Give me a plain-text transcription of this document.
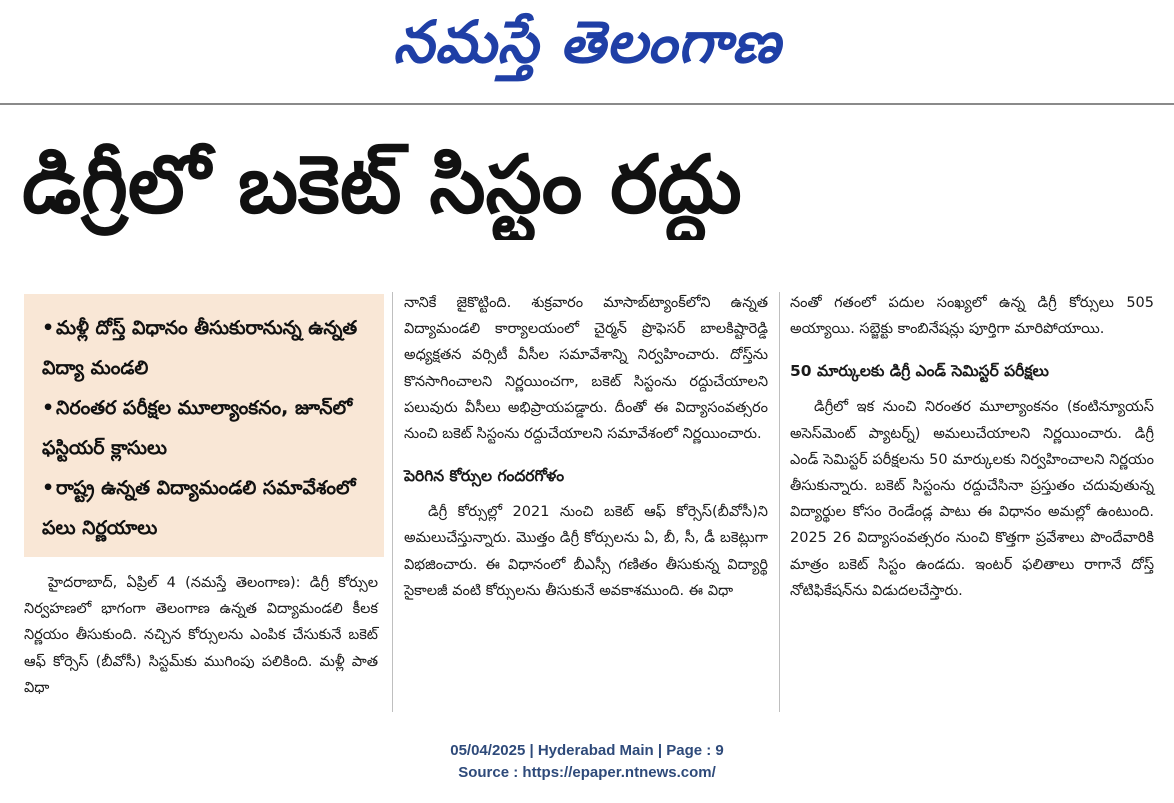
నమస్తే తెలంగాణ
డిగ్రీలో బకెట్ సిస్టం రద్దు
•మళ్లీ దోస్త్ విధానం తీసుకురానున్న ఉన్నత విద్యా మండలి
•నిరంతర పరీక్షల మూల్యాంకనం, జూన్‌లో ఫస్టియర్ క్లాసులు
•రాష్ట్ర ఉన్నత విద్యామండలి సమావేశంలో పలు నిర్ణయాలు

హైదరాబాద్, ఏప్రిల్ 4 (నమస్తే తెలంగాణ): డిగ్రీ కోర్సుల నిర్వహణలో భాగంగా తెలంగాణ ఉన్నత విద్యామండలి కీలక నిర్ణయం తీసుకుంది. నచ్చిన కోర్సులను ఎంపిక చేసుకునే బకెట్ ఆఫ్ కోర్సెస్ (బీవోసీ) సిస్టమ్‌కు ముగింపు పలికింది. మళ్లీ పాత విధా

నానికే జైకొట్టింది. శుక్రవారం మాసాబ్‌ట్యాంక్‌లోని ఉన్నత విద్యామండలి కార్యాలయంలో చైర్మన్ ప్రొఫెసర్ బాలకిష్టారెడ్డి అధ్యక్షతన వర్సిటీ వీసీల సమావేశాన్ని నిర్వహించారు. దోస్త్‌ను కొనసాగించాలని నిర్ణయించగా, బకెట్ సిస్టంను రద్దుచేయాలని పలువురు వీసీలు అభిప్రాయపడ్డారు. దీంతో ఈ విద్యాసంవత్సరం నుంచి బకెట్ సిస్టంను రద్దుచేయాలని సమావేశంలో నిర్ణయించారు.

పెరిగిన కోర్సుల గందరగోళం

డిగ్రీ కోర్సుల్లో 2021 నుంచి బకెట్ ఆఫ్ కోర్సెస్(బీవోసీ)ని అమలుచేస్తున్నారు. మొత్తం డిగ్రీ కోర్సులను ఏ, బీ, సీ, డీ బకెట్లుగా విభజించారు. ఈ విధానంలో బీఎస్సీ గణితం తీసుకున్న విద్యార్థి సైకాలజీ వంటి కోర్సులను తీసుకునే అవకాశముంది. ఈ విధా

నంతో గతంలో పదుల సంఖ్యలో ఉన్న డిగ్రీ కోర్సులు 505 అయ్యాయి. సబ్జెక్టు కాంబినేషన్లు పూర్తిగా మారిపోయాయి.

50 మార్కులకు డిగ్రీ ఎండ్ సెమిస్టర్ పరీక్షలు

డిగ్రీలో ఇక నుంచి నిరంతర మూల్యాంకనం (కంటిన్యూయస్ అసెస్‌మెంట్ ప్యాటర్న్) అమలుచేయాలని నిర్ణయించారు. డిగ్రీ ఎండ్ సెమిస్టర్ పరీక్షలను 50 మార్కులకు నిర్వహించాలని నిర్ణయం తీసుకున్నారు. బకెట్ సిస్టంను రద్దుచేసినా ప్రస్తుతం చదువుతున్న విద్యార్థుల కోసం రెండేండ్ల పాటు ఈ విధానం అమల్లో ఉంటుంది. 2025 26 విద్యాసంవత్సరం నుంచి కొత్తగా ప్రవేశాలు పొందేవారికి మాత్రం బకెట్ సిస్టం ఉండదు. ఇంటర్ ఫలితాలు రాగానే దోస్త్ నోటిఫికేషన్‌ను విడుదలచేస్తారు.

05/04/2025 | Hyderabad Main | Page : 9
Source : https://epaper.ntnews.com/
